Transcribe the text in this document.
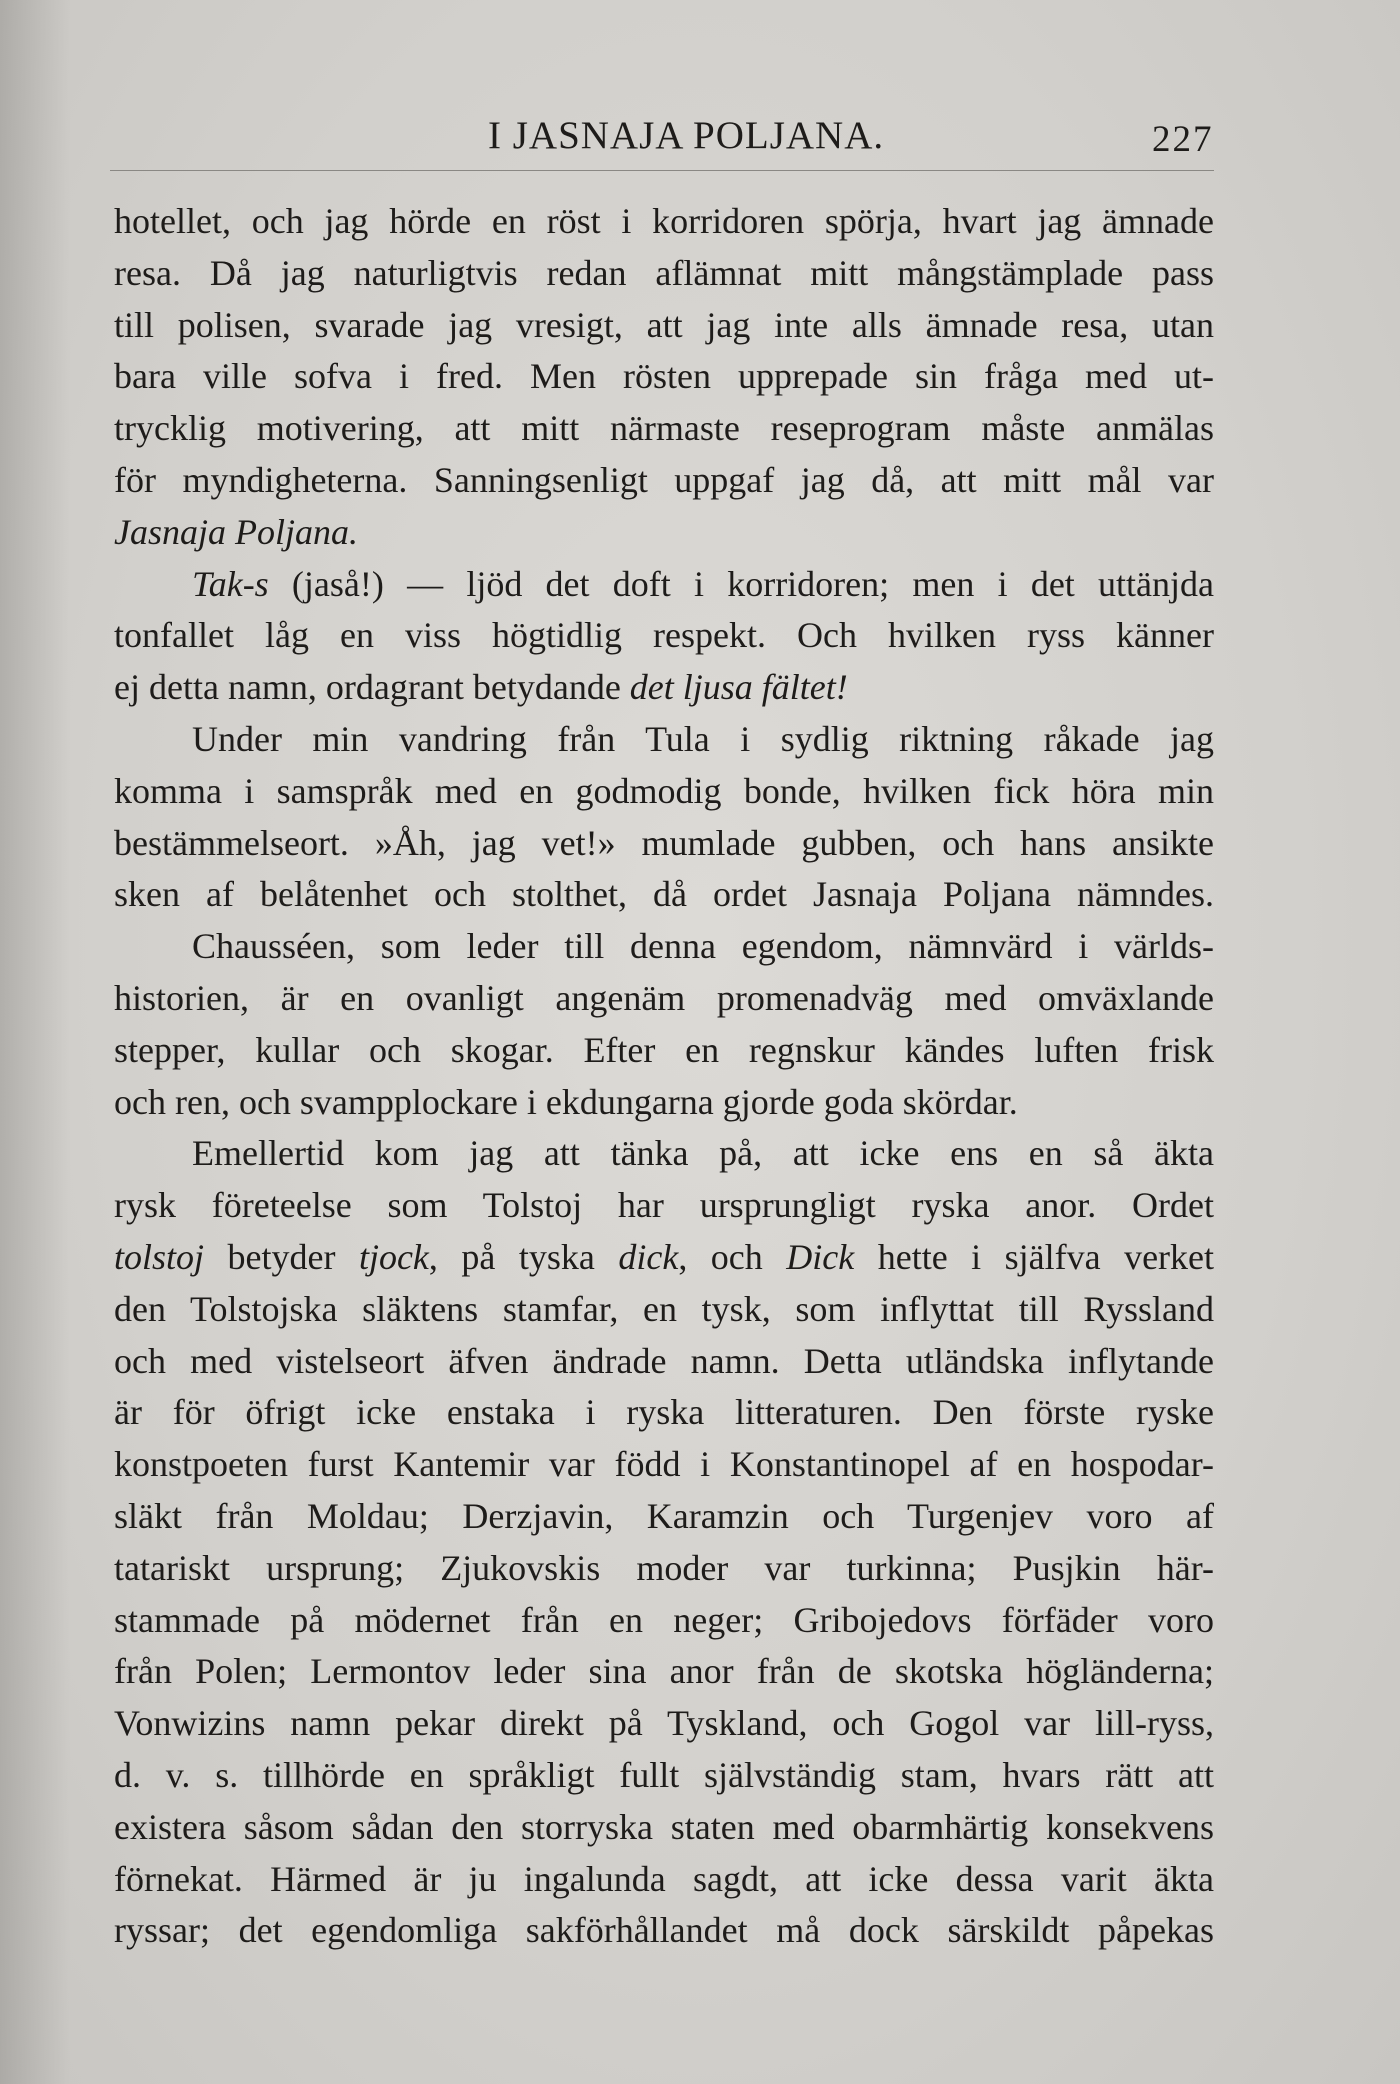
I JASNAJA POLJANA.	227
hotellet, och jag hörde en röst i korridoren spörja, hvart jag ämnade
resa. Då jag naturligtvis redan aflämnat mitt mångstämplade pass
till polisen, svarade jag vresigt, att jag inte alls ämnade resa, utan
bara ville sofva i fred. Men rösten upprepade sin fråga med ut-
trycklig motivering, att mitt närmaste reseprogram måste anmälas
för myndigheterna. Sanningsenligt uppgaf jag då, att mitt mål var
Jasnaja Poljana.
Tak-s (jaså!) — ljöd det doft i korridoren; men i det uttänjda
tonfallet låg en viss högtidlig respekt. Och hvilken ryss känner
ej detta namn, ordagrant betydande det ljusa fältet!
Under min vandring från Tula i sydlig riktning råkade jag
komma i samspråk med en godmodig bonde, hvilken fick höra min
bestämmelseort. »Åh, jag vet!» mumlade gubben, och hans ansikte
sken af belåtenhet och stolthet, då ordet Jasnaja Poljana nämndes.
Chausséen, som leder till denna egendom, nämnvärd i världs-
historien, är en ovanligt angenäm promenadväg med omväxlande
stepper, kullar och skogar. Efter en regnskur kändes luften frisk
och ren, och svampplockare i ekdungarna gjorde goda skördar.
Emellertid kom jag att tänka på, att icke ens en så äkta
rysk företeelse som Tolstoj har ursprungligt ryska anor. Ordet
tolstoj betyder tjock, på tyska dick, och Dick hette i själfva verket
den Tolstojska släktens stamfar, en tysk, som inflyttat till Ryssland
och med vistelseort äfven ändrade namn. Detta utländska inflytande
är för öfrigt icke enstaka i ryska litteraturen. Den förste ryske
konstpoeten furst Kantemir var född i Konstantinopel af en hospodar-
släkt från Moldau; Derzjavin, Karamzin och Turgenjev voro af
tatariskt ursprung; Zjukovskis moder var turkinna; Pusjkin här-
stammade på mödernet från en neger; Gribojedovs förfäder voro
från Polen; Lermontov leder sina anor från de skotska högländerna;
Vonwizins namn pekar direkt på Tyskland, och Gogol var lill-ryss,
d. v. s. tillhörde en språkligt fullt självständig stam, hvars rätt att
existera såsom sådan den storryska staten med obarmhärtig konsekvens
förnekat. Härmed är ju ingalunda sagdt, att icke dessa varit äkta
ryssar; det egendomliga sakförhållandet må dock särskildt påpekas
